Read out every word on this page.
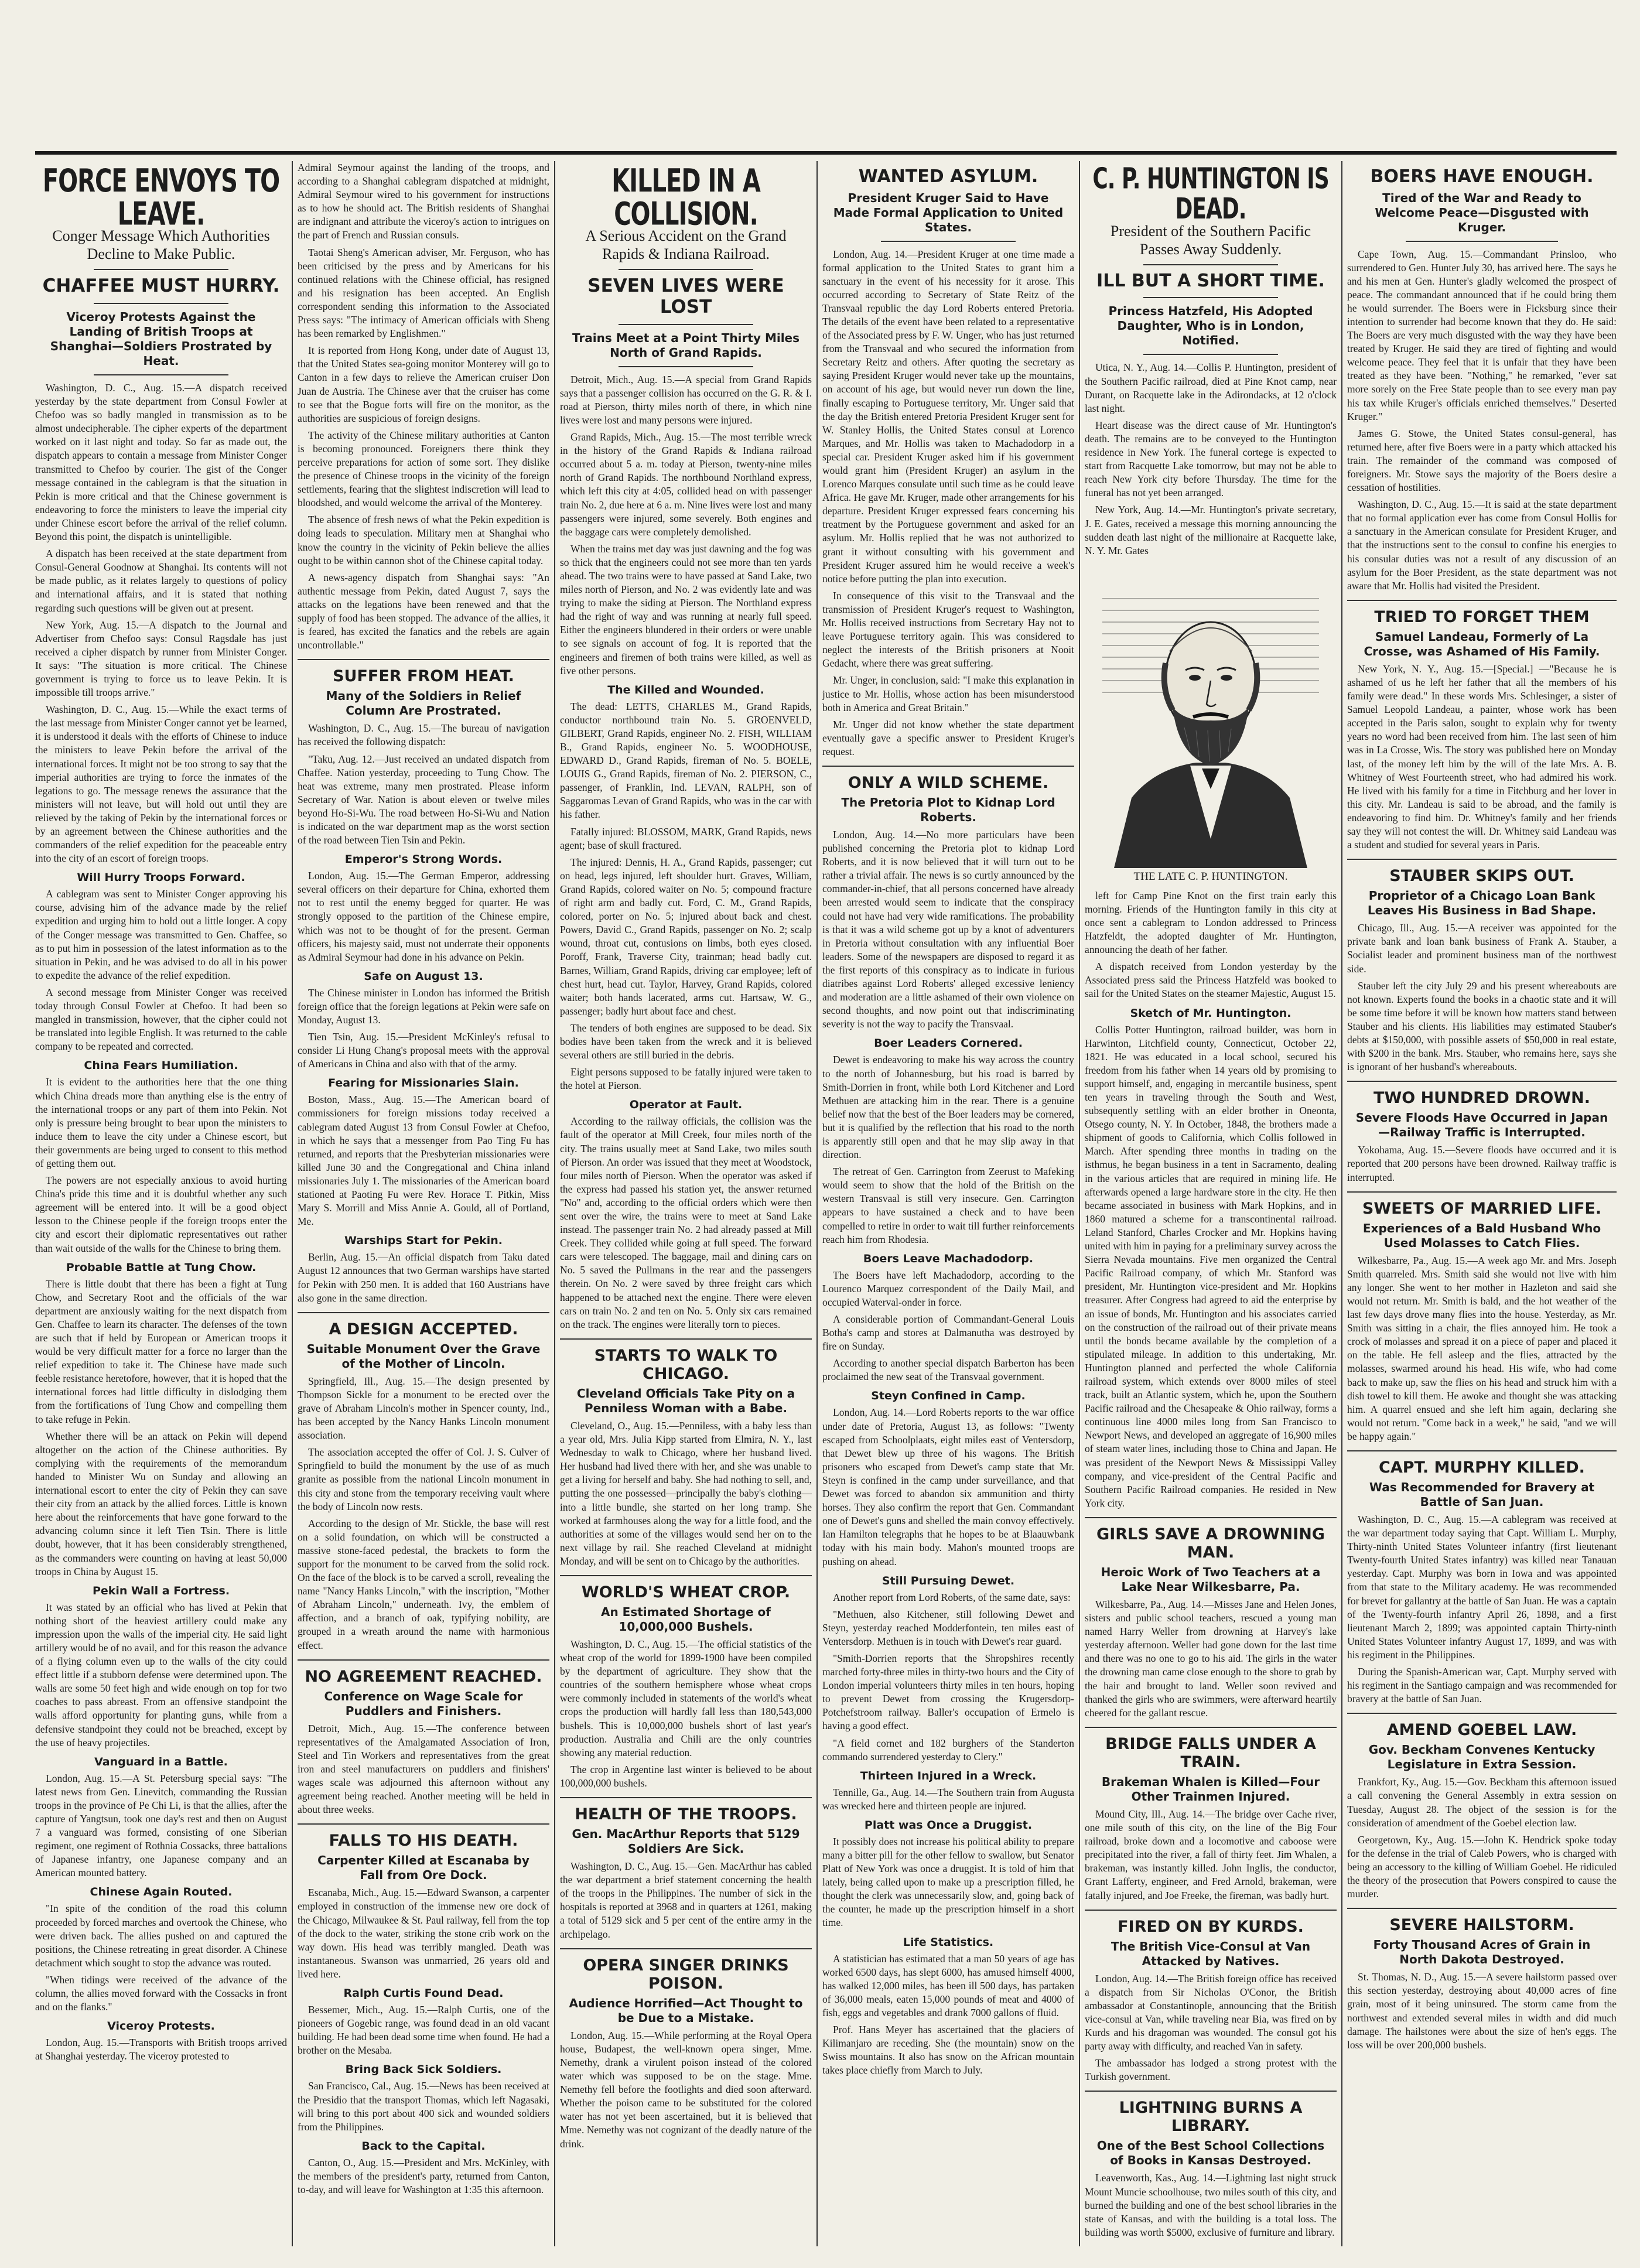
FORCE ENVOYS TO LEAVE.
Conger Message Which Authorities Decline to Make Public.
CHAFFEE MUST HURRY.
Viceroy Protests Against the Landing of British Troops at Shanghai—Soldiers Prostrated by Heat.

Washington, D. C., Aug. 15.—A dispatch received yesterday by the state department from Consul Fowler at Chefoo was so badly mangled in transmission as to be almost undecipherable. The cipher experts of the department worked on it last night and today. So far as made out, the dispatch appears to contain a message from Minister Conger transmitted to Chefoo by courier. The gist of the Conger message contained in the cablegram is that the situation in Pekin is more critical and that the Chinese government is endeavoring to force the ministers to leave the imperial city under Chinese escort before the arrival of the relief column. Beyond this point, the dispatch is unintelligible.

A dispatch has been received at the state department from Consul-General Goodnow at Shanghai. Its contents will not be made public, as it relates largely to questions of policy and international affairs, and it is stated that nothing regarding such questions will be given out at present.

New York, Aug. 15.—A dispatch to the Journal and Advertiser from Chefoo says: Consul Ragsdale has just received a cipher dispatch by runner from Minister Conger. It says: "The situation is more critical. The Chinese government is trying to force us to leave Pekin. It is impossible till troops arrive."

Washington, D. C., Aug. 15.—While the exact terms of the last message from Minister Conger cannot yet be learned, it is understood it deals with the efforts of Chinese to induce the ministers to leave Pekin before the arrival of the international forces. It might not be too strong to say that the imperial authorities are trying to force the inmates of the legations to go. The message renews the assurance that the ministers will not leave, but will hold out until they are relieved by the taking of Pekin by the international forces or by an agreement between the Chinese authorities and the commanders of the relief expedition for the peaceable entry into the city of an escort of foreign troops.

Will Hurry Troops Forward.

A cablegram was sent to Minister Conger approving his course, advising him of the advance made by the relief expedition and urging him to hold out a little longer. A copy of the Conger message was transmitted to Gen. Chaffee, so as to put him in possession of the latest information as to the situation in Pekin, and he was advised to do all in his power to expedite the advance of the relief expedition.

A second message from Minister Conger was received today through Consul Fowler at Chefoo. It had been so mangled in transmission, however, that the cipher could not be translated into legible English. It was returned to the cable company to be repeated and corrected.

China Fears Humiliation.

It is evident to the authorities here that the one thing which China dreads more than anything else is the entry of the international troops or any part of them into Pekin. Not only is pressure being brought to bear upon the ministers to induce them to leave the city under a Chinese escort, but their governments are being urged to consent to this method of getting them out.

The powers are not especially anxious to avoid hurting China's pride this time and it is doubtful whether any such agreement will be entered into. It will be a good object lesson to the Chinese people if the foreign troops enter the city and escort their diplomatic representatives out rather than wait outside of the walls for the Chinese to bring them.

Probable Battle at Tung Chow.

There is little doubt that there has been a fight at Tung Chow, and Secretary Root and the officials of the war department are anxiously waiting for the next dispatch from Gen. Chaffee to learn its character. The defenses of the town are such that if held by European or American troops it would be very difficult matter for a force no larger than the relief expedition to take it. The Chinese have made such feeble resistance heretofore, however, that it is hoped that the international forces had little difficulty in dislodging them from the fortifications of Tung Chow and compelling them to take refuge in Pekin.

Whether there will be an attack on Pekin will depend altogether on the action of the Chinese authorities. By complying with the requirements of the memorandum handed to Minister Wu on Sunday and allowing an international escort to enter the city of Pekin they can save their city from an attack by the allied forces. Little is known here about the reinforcements that have gone forward to the advancing column since it left Tien Tsin. There is little doubt, however, that it has been considerably strengthened, as the commanders were counting on having at least 50,000 troops in China by August 15.

Pekin Wall a Fortress.

It was stated by an official who has lived at Pekin that nothing short of the heaviest artillery could make any impression upon the walls of the imperial city. He said light artillery would be of no avail, and for this reason the advance of a flying column even up to the walls of the city could effect little if a stubborn defense were determined upon. The walls are some 50 feet high and wide enough on top for two coaches to pass abreast. From an offensive standpoint the walls afford opportunity for planting guns, while from a defensive standpoint they could not be breached, except by the use of heavy projectiles.

Vanguard in a Battle.

London, Aug. 15.—A St. Petersburg special says: "The latest news from Gen. Linevitch, commanding the Russian troops in the province of Pe Chi Li, is that the allies, after the capture of Yangtsun, took one day's rest and then on August 7 a vanguard was formed, consisting of one Siberian regiment, one regiment of Rothnia Cossacks, three battalions of Japanese infantry, one Japanese company and an American mounted battery.

Chinese Again Routed.

"In spite of the condition of the road this column proceeded by forced marches and overtook the Chinese, who were driven back. The allies pushed on and captured the positions, the Chinese retreating in great disorder. A Chinese detachment which sought to stop the advance was routed.

"When tidings were received of the advance of the column, the allies moved forward with the Cossacks in front and on the flanks."

Viceroy Protests.

London, Aug. 15.—Transports with British troops arrived at Shanghai yesterday. The viceroy protested to

Admiral Seymour against the landing of the troops, and according to a Shanghai cablegram dispatched at midnight, Admiral Seymour wired to his government for instructions as to how he should act. The British residents of Shanghai are indignant and attribute the viceroy's action to intrigues on the part of French and Russian consuls.

Taotai Sheng's American adviser, Mr. Ferguson, who has been criticised by the press and by Americans for his continued relations with the Chinese official, has resigned and his resignation has been accepted. An English correspondent sending this information to the Associated Press says: "The intimacy of American officials with Sheng has been remarked by Englishmen."

It is reported from Hong Kong, under date of August 13, that the United States sea-going monitor Monterey will go to Canton in a few days to relieve the American cruiser Don Juan de Austria. The Chinese aver that the cruiser has come to see that the Bogue forts will fire on the monitor, as the authorities are suspicious of foreign designs.

The activity of the Chinese military authorities at Canton is becoming pronounced. Foreigners there think they perceive preparations for action of some sort. They dislike the presence of Chinese troops in the vicinity of the foreign settlements, fearing that the slightest indiscretion will lead to bloodshed, and would welcome the arrival of the Monterey.

The absence of fresh news of what the Pekin expedition is doing leads to speculation. Military men at Shanghai who know the country in the vicinity of Pekin believe the allies ought to be within cannon shot of the Chinese capital today.

A news-agency dispatch from Shanghai says: "An authentic message from Pekin, dated August 7, says the attacks on the legations have been renewed and that the supply of food has been stopped. The advance of the allies, it is feared, has excited the fanatics and the rebels are again uncontrollable."

SUFFER FROM HEAT.
Many of the Soldiers in Relief Column Are Prostrated.

Washington, D. C., Aug. 15.—The bureau of navigation has received the following dispatch:

"Taku, Aug. 12.—Just received an undated dispatch from Chaffee. Nation yesterday, proceeding to Tung Chow. The heat was extreme, many men prostrated. Please inform Secretary of War. Nation is about eleven or twelve miles beyond Ho-Si-Wu. The road between Ho-Si-Wu and Nation is indicated on the war department map as the worst section of the road between Tien Tsin and Pekin.

Emperor's Strong Words.

London, Aug. 15.—The German Emperor, addressing several officers on their departure for China, exhorted them not to rest until the enemy begged for quarter. He was strongly opposed to the partition of the Chinese empire, which was not to be thought of for the present. German officers, his majesty said, must not underrate their opponents as Admiral Seymour had done in his advance on Pekin.

Safe on August 13.

The Chinese minister in London has informed the British foreign office that the foreign legations at Pekin were safe on Monday, August 13.

Tien Tsin, Aug. 15.—President McKinley's refusal to consider Li Hung Chang's proposal meets with the approval of Americans in China and also with that of the army.

Fearing for Missionaries Slain.

Boston, Mass., Aug. 15.—The American board of commissioners for foreign missions today received a cablegram dated August 13 from Consul Fowler at Chefoo, in which he says that a messenger from Pao Ting Fu has returned, and reports that the Presbyterian missionaries were killed June 30 and the Congregational and China inland missionaries July 1. The missionaries of the American board stationed at Paoting Fu were Rev. Horace T. Pitkin, Miss Mary S. Morrill and Miss Annie A. Gould, all of Portland, Me.

Warships Start for Pekin.

Berlin, Aug. 15.—An official dispatch from Taku dated August 12 announces that two German warships have started for Pekin with 250 men. It is added that 160 Austrians have also gone in the same direction.

A DESIGN ACCEPTED.
Suitable Monument Over the Grave of the Mother of Lincoln.

Springfield, Ill., Aug. 15.—The design presented by Thompson Sickle for a monument to be erected over the grave of Abraham Lincoln's mother in Spencer county, Ind., has been accepted by the Nancy Hanks Lincoln monument association.

The association accepted the offer of Col. J. S. Culver of Springfield to build the monument by the use of as much granite as possible from the national Lincoln monument in this city and stone from the temporary receiving vault where the body of Lincoln now rests.

According to the design of Mr. Stickle, the base will rest on a solid foundation, on which will be constructed a massive stone-faced pedestal, the brackets to form the support for the monument to be carved from the solid rock. On the face of the block is to be carved a scroll, revealing the name "Nancy Hanks Lincoln," with the inscription, "Mother of Abraham Lincoln," underneath. Ivy, the emblem of affection, and a branch of oak, typifying nobility, are grouped in a wreath around the name with harmonious effect.

NO AGREEMENT REACHED.
Conference on Wage Scale for Puddlers and Finishers.

Detroit, Mich., Aug. 15.—The conference between representatives of the Amalgamated Association of Iron, Steel and Tin Workers and representatives from the great iron and steel manufacturers on puddlers and finishers' wages scale was adjourned this afternoon without any agreement being reached. Another meeting will be held in about three weeks.

FALLS TO HIS DEATH.
Carpenter Killed at Escanaba by Fall from Ore Dock.

Escanaba, Mich., Aug. 15.—Edward Swanson, a carpenter employed in construction of the immense new ore dock of the Chicago, Milwaukee & St. Paul railway, fell from the top of the dock to the water, striking the stone crib work on the way down. His head was terribly mangled. Death was instantaneous. Swanson was unmarried, 26 years old and lived here.

Ralph Curtis Found Dead.

Bessemer, Mich., Aug. 15.—Ralph Curtis, one of the pioneers of Gogebic range, was found dead in an old vacant building. He had been dead some time when found. He had a brother on the Mesaba.

Bring Back Sick Soldiers.

San Francisco, Cal., Aug. 15.—News has been received at the Presidio that the transport Thomas, which left Nagasaki, will bring to this port about 400 sick and wounded soldiers from the Philippines.

Back to the Capital.

Canton, O., Aug. 15.—President and Mrs. McKinley, with the members of the president's party, returned from Canton, to-day, and will leave for Washington at 1:35 this afternoon.

KILLED IN A COLLISION.
A Serious Accident on the Grand Rapids & Indiana Railroad.
SEVEN LIVES WERE LOST
Trains Meet at a Point Thirty Miles North of Grand Rapids.

Detroit, Mich., Aug. 15.—A special from Grand Rapids says that a passenger collision has occurred on the G. R. & I. road at Pierson, thirty miles north of there, in which nine lives were lost and many persons were injured.

Grand Rapids, Mich., Aug. 15.—The most terrible wreck in the history of the Grand Rapids & Indiana railroad occurred about 5 a. m. today at Pierson, twenty-nine miles north of Grand Rapids. The northbound Northland express, which left this city at 4:05, collided head on with passenger train No. 2, due here at 6 a. m. Nine lives were lost and many passengers were injured, some severely. Both engines and the baggage cars were completely demolished.

When the trains met day was just dawning and the fog was so thick that the engineers could not see more than ten yards ahead. The two trains were to have passed at Sand Lake, two miles north of Pierson, and No. 2 was evidently late and was trying to make the siding at Pierson. The Northland express had the right of way and was running at nearly full speed. Either the engineers blundered in their orders or were unable to see signals on account of fog. It is reported that the engineers and firemen of both trains were killed, as well as five other persons.

The Killed and Wounded.

The dead: LETTS, CHARLES M., Grand Rapids, conductor northbound train No. 5. GROENVELD, GILBERT, Grand Rapids, engineer No. 2. FISH, WILLIAM B., Grand Rapids, engineer No. 5. WOODHOUSE, EDWARD D., Grand Rapids, fireman of No. 5. BOELE, LOUIS G., Grand Rapids, fireman of No. 2. PIERSON, C., passenger, of Franklin, Ind. LEVAN, RALPH, son of Saggaromas Levan of Grand Rapids, who was in the car with his father.

Fatally injured: BLOSSOM, MARK, Grand Rapids, news agent; base of skull fractured.

The injured: Dennis, H. A., Grand Rapids, passenger; cut on head, legs injured, left shoulder hurt. Graves, William, Grand Rapids, colored waiter on No. 5; compound fracture of right arm and badly cut. Ford, C. M., Grand Rapids, colored, porter on No. 5; injured about back and chest. Powers, David C., Grand Rapids, passenger on No. 2; scalp wound, throat cut, contusions on limbs, both eyes closed. Poroff, Frank, Traverse City, trainman; head badly cut. Barnes, William, Grand Rapids, driving car employee; left of chest hurt, head cut. Taylor, Harvey, Grand Rapids, colored waiter; both hands lacerated, arms cut. Hartsaw, W. G., passenger; badly hurt about face and chest.

The tenders of both engines are supposed to be dead. Six bodies have been taken from the wreck and it is believed several others are still buried in the debris.

Eight persons supposed to be fatally injured were taken to the hotel at Pierson.

Operator at Fault.

According to the railway officials, the collision was the fault of the operator at Mill Creek, four miles north of the city. The trains usually meet at Sand Lake, two miles south of Pierson. An order was issued that they meet at Woodstock, four miles north of Pierson. When the operator was asked if the express had passed his station yet, the answer returned "No" and, according to the official orders which were then sent over the wire, the trains were to meet at Sand Lake instead. The passenger train No. 2 had already passed at Mill Creek. They collided while going at full speed. The forward cars were telescoped. The baggage, mail and dining cars on No. 5 saved the Pullmans in the rear and the passengers therein. On No. 2 were saved by three freight cars which happened to be attached next the engine. There were eleven cars on train No. 2 and ten on No. 5. Only six cars remained on the track. The engines were literally torn to pieces.

STARTS TO WALK TO CHICAGO.
Cleveland Officials Take Pity on a Penniless Woman with a Babe.

Cleveland, O., Aug. 15.—Penniless, with a baby less than a year old, Mrs. Julia Kipp started from Elmira, N. Y., last Wednesday to walk to Chicago, where her husband lived. Her husband had lived there with her, and she was unable to get a living for herself and baby. She had nothing to sell, and, putting the one possessed—principally the baby's clothing—into a little bundle, she started on her long tramp. She worked at farmhouses along the way for a little food, and the authorities at some of the villages would send her on to the next village by rail. She reached Cleveland at midnight Monday, and will be sent on to Chicago by the authorities.

WORLD'S WHEAT CROP.
An Estimated Shortage of 10,000,000 Bushels.

Washington, D. C., Aug. 15.—The official statistics of the wheat crop of the world for 1899-1900 have been compiled by the department of agriculture. They show that the countries of the southern hemisphere whose wheat crops were commonly included in statements of the world's wheat crops the production will hardly fall less than 180,543,000 bushels. This is 10,000,000 bushels short of last year's production. Australia and Chili are the only countries showing any material reduction.

The crop in Argentine last winter is believed to be about 100,000,000 bushels.

HEALTH OF THE TROOPS.
Gen. MacArthur Reports that 5129 Soldiers Are Sick.

Washington, D. C., Aug. 15.—Gen. MacArthur has cabled the war department a brief statement concerning the health of the troops in the Philippines. The number of sick in the hospitals is reported at 3968 and in quarters at 1261, making a total of 5129 sick and 5 per cent of the entire army in the archipelago.

OPERA SINGER DRINKS POISON.
Audience Horrified—Act Thought to be Due to a Mistake.

London, Aug. 15.—While performing at the Royal Opera house, Budapest, the well-known opera singer, Mme. Nemethy, drank a virulent poison instead of the colored water which was supposed to be on the stage. Mme. Nemethy fell before the footlights and died soon afterward. Whether the poison came to be substituted for the colored water has not yet been ascertained, but it is believed that Mme. Nemethy was not cognizant of the deadly nature of the drink.

WANTED ASYLUM.
President Kruger Said to Have Made Formal Application to United States.

London, Aug. 14.—President Kruger at one time made a formal application to the United States to grant him a sanctuary in the event of his necessity for it arose. This occurred according to Secretary of State Reitz of the Transvaal republic the day Lord Roberts entered Pretoria. The details of the event have been related to a representative of the Associated press by F. W. Unger, who has just returned from the Transvaal and who secured the information from Secretary Reitz and others. After quoting the secretary as saying President Kruger would never take up the mountains, on account of his age, but would never run down the line, finally escaping to Portuguese territory, Mr. Unger said that the day the British entered Pretoria President Kruger sent for W. Stanley Hollis, the United States consul at Lorenco Marques, and Mr. Hollis was taken to Machadodorp in a special car. President Kruger asked him if his government would grant him (President Kruger) an asylum in the Lorenco Marques consulate until such time as he could leave Africa. He gave Mr. Kruger, made other arrangements for his departure. President Kruger expressed fears concerning his treatment by the Portuguese government and asked for an asylum. Mr. Hollis replied that he was not authorized to grant it without consulting with his government and President Kruger assured him he would receive a week's notice before putting the plan into execution.

In consequence of this visit to the Transvaal and the transmission of President Kruger's request to Washington, Mr. Hollis received instructions from Secretary Hay not to leave Portuguese territory again. This was considered to neglect the interests of the British prisoners at Nooit Gedacht, where there was great suffering.

Mr. Unger, in conclusion, said: "I make this explanation in justice to Mr. Hollis, whose action has been misunderstood both in America and Great Britain."

Mr. Unger did not know whether the state department eventually gave a specific answer to President Kruger's request.

ONLY A WILD SCHEME.
The Pretoria Plot to Kidnap Lord Roberts.

London, Aug. 14.—No more particulars have been published concerning the Pretoria plot to kidnap Lord Roberts, and it is now believed that it will turn out to be rather a trivial affair. The news is so curtly announced by the commander-in-chief, that all persons concerned have already been arrested would seem to indicate that the conspiracy could not have had very wide ramifications. The probability is that it was a wild scheme got up by a knot of adventurers in Pretoria without consultation with any influential Boer leaders. Some of the newspapers are disposed to regard it as the first reports of this conspiracy as to indicate in furious diatribes against Lord Roberts' alleged excessive leniency and moderation are a little ashamed of their own violence on second thoughts, and now point out that indiscriminating severity is not the way to pacify the Transvaal.

Boer Leaders Cornered.

Dewet is endeavoring to make his way across the country to the north of Johannesburg, but his road is barred by Smith-Dorrien in front, while both Lord Kitchener and Lord Methuen are attacking him in the rear. There is a genuine belief now that the best of the Boer leaders may be cornered, but it is qualified by the reflection that his road to the north is apparently still open and that he may slip away in that direction.

The retreat of Gen. Carrington from Zeerust to Mafeking would seem to show that the hold of the British on the western Transvaal is still very insecure. Gen. Carrington appears to have sustained a check and to have been compelled to retire in order to wait till further reinforcements reach him from Rhodesia.

Boers Leave Machadodorp.

The Boers have left Machadodorp, according to the Lourenco Marquez correspondent of the Daily Mail, and occupied Waterval-onder in force.

A considerable portion of Commandant-General Louis Botha's camp and stores at Dalmanutha was destroyed by fire on Sunday.

According to another special dispatch Barberton has been proclaimed the new seat of the Transvaal government.

Steyn Confined in Camp.

London, Aug. 14.—Lord Roberts reports to the war office under date of Pretoria, August 13, as follows: "Twenty escaped from Schoolplaats, eight miles east of Ventersdorp, that Dewet blew up three of his wagons. The British prisoners who escaped from Dewet's camp state that Mr. Steyn is confined in the camp under surveillance, and that Dewet was forced to abandon six ammunition and thirty horses. They also confirm the report that Gen. Commandant one of Dewet's guns and shelled the main convoy effectively. Ian Hamilton telegraphs that he hopes to be at Blaauwbank today with his main body. Mahon's mounted troops are pushing on ahead.

Still Pursuing Dewet.

Another report from Lord Roberts, of the same date, says:

"Methuen, also Kitchener, still following Dewet and Steyn, yesterday reached Modderfontein, ten miles east of Ventersdorp. Methuen is in touch with Dewet's rear guard.

"Smith-Dorrien reports that the Shropshires recently marched forty-three miles in thirty-two hours and the City of London imperial volunteers thirty miles in ten hours, hoping to prevent Dewet from crossing the Krugersdorp-Potchefstroom railway. Baller's occupation of Ermelo is having a good effect.

"A field cornet and 182 burghers of the Standerton commando surrendered yesterday to Clery."

Thirteen Injured in a Wreck.

Tennille, Ga., Aug. 14.—The Southern train from Augusta was wrecked here and thirteen people are injured.

Platt was Once a Druggist.

It possibly does not increase his political ability to prepare many a bitter pill for the other fellow to swallow, but Senator Platt of New York was once a druggist. It is told of him that lately, being called upon to make up a prescription filled, he thought the clerk was unnecessarily slow, and, going back of the counter, he made up the prescription himself in a short time.

Life Statistics.

A statistician has estimated that a man 50 years of age has worked 6500 days, has slept 6000, has amused himself 4000, has walked 12,000 miles, has been ill 500 days, has partaken of 36,000 meals, eaten 15,000 pounds of meat and 4000 of fish, eggs and vegetables and drank 7000 gallons of fluid.

Prof. Hans Meyer has ascertained that the glaciers of Kilimanjaro are receding. She (the mountain) snow on the Swiss mountains. It also has snow on the African mountain takes place chiefly from March to July.

C. P. HUNTINGTON IS DEAD.
President of the Southern Pacific Passes Away Suddenly.
ILL BUT A SHORT TIME.
Princess Hatzfeld, His Adopted Daughter, Who is in London, Notified.

Utica, N. Y., Aug. 14.—Collis P. Huntington, president of the Southern Pacific railroad, died at Pine Knot camp, near Durant, on Racquette lake in the Adirondacks, at 12 o'clock last night.

Heart disease was the direct cause of Mr. Huntington's death. The remains are to be conveyed to the Huntington residence in New York. The funeral cortege is expected to start from Racquette Lake tomorrow, but may not be able to reach New York city before Thursday. The time for the funeral has not yet been arranged.

New York, Aug. 14.—Mr. Huntington's private secretary, J. E. Gates, received a message this morning announcing the sudden death last night of the millionaire at Racquette lake, N. Y. Mr. Gates

THE LATE C. P. HUNTINGTON.

left for Camp Pine Knot on the first train early this morning. Friends of the Huntington family in this city at once sent a cablegram to London addressed to Princess Hatzfeldt, the adopted daughter of Mr. Huntington, announcing the death of her father.

A dispatch received from London yesterday by the Associated press said the Princess Hatzfeld was booked to sail for the United States on the steamer Majestic, August 15.

Sketch of Mr. Huntington.

Collis Potter Huntington, railroad builder, was born in Harwinton, Litchfield county, Connecticut, October 22, 1821. He was educated in a local school, secured his freedom from his father when 14 years old by promising to support himself, and, engaging in mercantile business, spent ten years in traveling through the South and West, subsequently settling with an elder brother in Oneonta, Otsego county, N. Y. In October, 1848, the brothers made a shipment of goods to California, which Collis followed in March. After spending three months in trading on the isthmus, he began business in a tent in Sacramento, dealing in the various articles that are required in mining life. He afterwards opened a large hardware store in the city. He then became associated in business with Mark Hopkins, and in 1860 matured a scheme for a transcontinental railroad. Leland Stanford, Charles Crocker and Mr. Hopkins having united with him in paying for a preliminary survey across the Sierra Nevada mountains. Five men organized the Central Pacific Railroad company, of which Mr. Stanford was president, Mr. Huntington vice-president and Mr. Hopkins treasurer. After Congress had agreed to aid the enterprise by an issue of bonds, Mr. Huntington and his associates carried on the construction of the railroad out of their private means until the bonds became available by the completion of a stipulated mileage. In addition to this undertaking, Mr. Huntington planned and perfected the whole California railroad system, which extends over 8000 miles of steel track, built an Atlantic system, which he, upon the Southern Pacific railroad and the Chesapeake & Ohio railway, forms a continuous line 4000 miles long from San Francisco to Newport News, and developed an aggregate of 16,900 miles of steam water lines, including those to China and Japan. He was president of the Newport News & Mississippi Valley company, and vice-president of the Central Pacific and Southern Pacific Railroad companies. He resided in New York city.

GIRLS SAVE A DROWNING MAN.
Heroic Work of Two Teachers at a Lake Near Wilkesbarre, Pa.

Wilkesbarre, Pa., Aug. 14.—Misses Jane and Helen Jones, sisters and public school teachers, rescued a young man named Harry Weller from drowning at Harvey's lake yesterday afternoon. Weller had gone down for the last time and there was no one to go to his aid. The girls in the water the drowning man came close enough to the shore to grab by the hair and brought to land. Weller soon revived and thanked the girls who are swimmers, were afterward heartily cheered for the gallant rescue.

BRIDGE FALLS UNDER A TRAIN.
Brakeman Whalen is Killed—Four Other Trainmen Injured.

Mound City, Ill., Aug. 14.—The bridge over Cache river, one mile south of this city, on the line of the Big Four railroad, broke down and a locomotive and caboose were precipitated into the river, a fall of thirty feet. Jim Whalen, a brakeman, was instantly killed. John Inglis, the conductor, Grant Lafferty, engineer, and Fred Arnold, brakeman, were fatally injured, and Joe Freeke, the fireman, was badly hurt.

FIRED ON BY KURDS.
The British Vice-Consul at Van Attacked by Natives.

London, Aug. 14.—The British foreign office has received a dispatch from Sir Nicholas O'Conor, the British ambassador at Constantinople, announcing that the British vice-consul at Van, while traveling near Bia, was fired on by Kurds and his dragoman was wounded. The consul got his party away with difficulty, and reached Van in safety.

The ambassador has lodged a strong protest with the Turkish government.

LIGHTNING BURNS A LIBRARY.
One of the Best School Collections of Books in Kansas Destroyed.

Leavenworth, Kas., Aug. 14.—Lightning last night struck Mount Muncie schoolhouse, two miles south of this city, and burned the building and one of the best school libraries in the state of Kansas, and with the building is a total loss. The building was worth $5000, exclusive of furniture and library.

BOERS HAVE ENOUGH.
Tired of the War and Ready to Welcome Peace—Disgusted with Kruger.

Cape Town, Aug. 15.—Commandant Prinsloo, who surrendered to Gen. Hunter July 30, has arrived here. The says he and his men at Gen. Hunter's gladly welcomed the prospect of peace. The commandant announced that if he could bring them he would surrender. The Boers were in Ficksburg since their intention to surrender had become known that they do. He said: The Boers are very much disgusted with the way they have been treated by Kruger. He said they are tired of fighting and would welcome peace. They feel that it is unfair that they have been treated as they have been. "Nothing," he remarked, "ever sat more sorely on the Free State people than to see every man pay his tax while Kruger's officials enriched themselves." Deserted Kruger."

James G. Stowe, the United States consul-general, has returned here, after five Boers were in a party which attacked his train. The remainder of the command was composed of foreigners. Mr. Stowe says the majority of the Boers desire a cessation of hostilities.

Washington, D. C., Aug. 15.—It is said at the state department that no formal application ever has come from Consul Hollis for a sanctuary in the American consulate for President Kruger, and that the instructions sent to the consul to confine his energies to his consular duties was not a result of any discussion of an asylum for the Boer President, as the state department was not aware that Mr. Hollis had visited the President.

TRIED TO FORGET THEM
Samuel Landeau, Formerly of La Crosse, was Ashamed of His Family.

New York, N. Y., Aug. 15.—[Special.] —"Because he is ashamed of us he left her father that all the members of his family were dead." In these words Mrs. Schlesinger, a sister of Samuel Leopold Landeau, a painter, whose work has been accepted in the Paris salon, sought to explain why for twenty years no word had been received from him. The last seen of him was in La Crosse, Wis. The story was published here on Monday last, of the money left him by the will of the late Mrs. A. B. Whitney of West Fourteenth street, who had admired his work. He lived with his family for a time in Fitchburg and her lover in this city. Mr. Landeau is said to be abroad, and the family is endeavoring to find him. Dr. Whitney's family and her friends say they will not contest the will. Dr. Whitney said Landeau was a student and studied for several years in Paris.

STAUBER SKIPS OUT.
Proprietor of a Chicago Loan Bank Leaves His Business in Bad Shape.

Chicago, Ill., Aug. 15.—A receiver was appointed for the private bank and loan bank business of Frank A. Stauber, a Socialist leader and prominent business man of the northwest side.

Stauber left the city July 29 and his present whereabouts are not known. Experts found the books in a chaotic state and it will be some time before it will be known how matters stand between Stauber and his clients. His liabilities may estimated Stauber's debts at $150,000, with possible assets of $50,000 in real estate, with $200 in the bank. Mrs. Stauber, who remains here, says she is ignorant of her husband's whereabouts.

TWO HUNDRED DROWN.
Severe Floods Have Occurred in Japan—Railway Traffic is Interrupted.

Yokohama, Aug. 15.—Severe floods have occurred and it is reported that 200 persons have been drowned. Railway traffic is interrupted.

SWEETS OF MARRIED LIFE.
Experiences of a Bald Husband Who Used Molasses to Catch Flies.

Wilkesbarre, Pa., Aug. 15.—A week ago Mr. and Mrs. Joseph Smith quarreled. Mrs. Smith said she would not live with him any longer. She went to her mother in Hazleton and said she would not return. Mr. Smith is bald, and the hot weather of the last few days drove many flies into the house. Yesterday, as Mr. Smith was sitting in a chair, the flies annoyed him. He took a crock of molasses and spread it on a piece of paper and placed it on the table. He fell asleep and the flies, attracted by the molasses, swarmed around his head. His wife, who had come back to make up, saw the flies on his head and struck him with a dish towel to kill them. He awoke and thought she was attacking him. A quarrel ensued and she left him again, declaring she would not return. "Come back in a week," he said, "and we will be happy again."

CAPT. MURPHY KILLED.
Was Recommended for Bravery at Battle of San Juan.

Washington, D. C., Aug. 15.—A cablegram was received at the war department today saying that Capt. William L. Murphy, Thirty-ninth United States Volunteer infantry (first lieutenant Twenty-fourth United States infantry) was killed near Tanauan yesterday. Capt. Murphy was born in Iowa and was appointed from that state to the Military academy. He was recommended for brevet for gallantry at the battle of San Juan. He was a captain of the Twenty-fourth infantry April 26, 1898, and a first lieutenant March 2, 1899; was appointed captain Thirty-ninth United States Volunteer infantry August 17, 1899, and was with his regiment in the Philippines.

During the Spanish-American war, Capt. Murphy served with his regiment in the Santiago campaign and was recommended for bravery at the battle of San Juan.

AMEND GOEBEL LAW.
Gov. Beckham Convenes Kentucky Legislature in Extra Session.

Frankfort, Ky., Aug. 15.—Gov. Beckham this afternoon issued a call convening the General Assembly in extra session on Tuesday, August 28. The object of the session is for the consideration of amendment of the Goebel election law.

Georgetown, Ky., Aug. 15.—John K. Hendrick spoke today for the defense in the trial of Caleb Powers, who is charged with being an accessory to the killing of William Goebel. He ridiculed the theory of the prosecution that Powers conspired to cause the murder.

SEVERE HAILSTORM.
Forty Thousand Acres of Grain in North Dakota Destroyed.

St. Thomas, N. D., Aug. 15.—A severe hailstorm passed over this section yesterday, destroying about 40,000 acres of fine grain, most of it being uninsured. The storm came from the northwest and extended several miles in width and did much damage. The hailstones were about the size of hen's eggs. The loss will be over 200,000 bushels.
